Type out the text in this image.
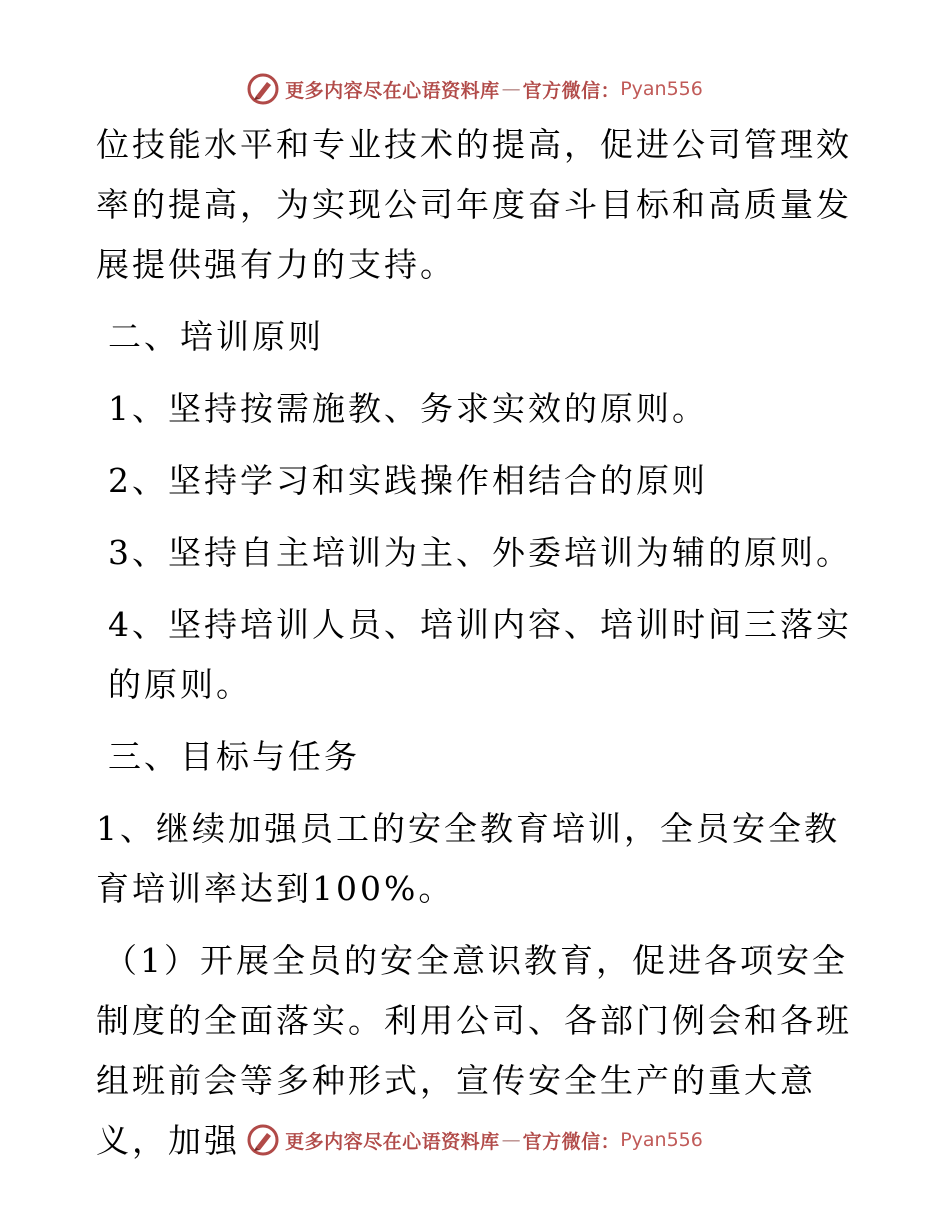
更多内容尽在心语资料库 — 官方微信： Pyan556

位技能水平和专业技术的提高，促进公司管理效率的提高，为实现公司年度奋斗目标和高质量发展提供强有力的支持。

二、培训原则

1、坚持按需施教、务求实效的原则。

2、坚持学习和实践操作相结合的原则

3、坚持自主培训为主、外委培训为辅的原则。

4、坚持培训人员、培训内容、培训时间三落实的原则。

三、目标与任务

1、继续加强员工的安全教育培训，全员安全教育培训率达到100%。

（1）开展全员的安全意识教育，促进各项安全制度的全面落实。利用公司、各部门例会和各班组班前会等多种形式，宣传安全生产的重大意义，加强	更多内容尽在心语资料库 — 官方微信： Pyan556
